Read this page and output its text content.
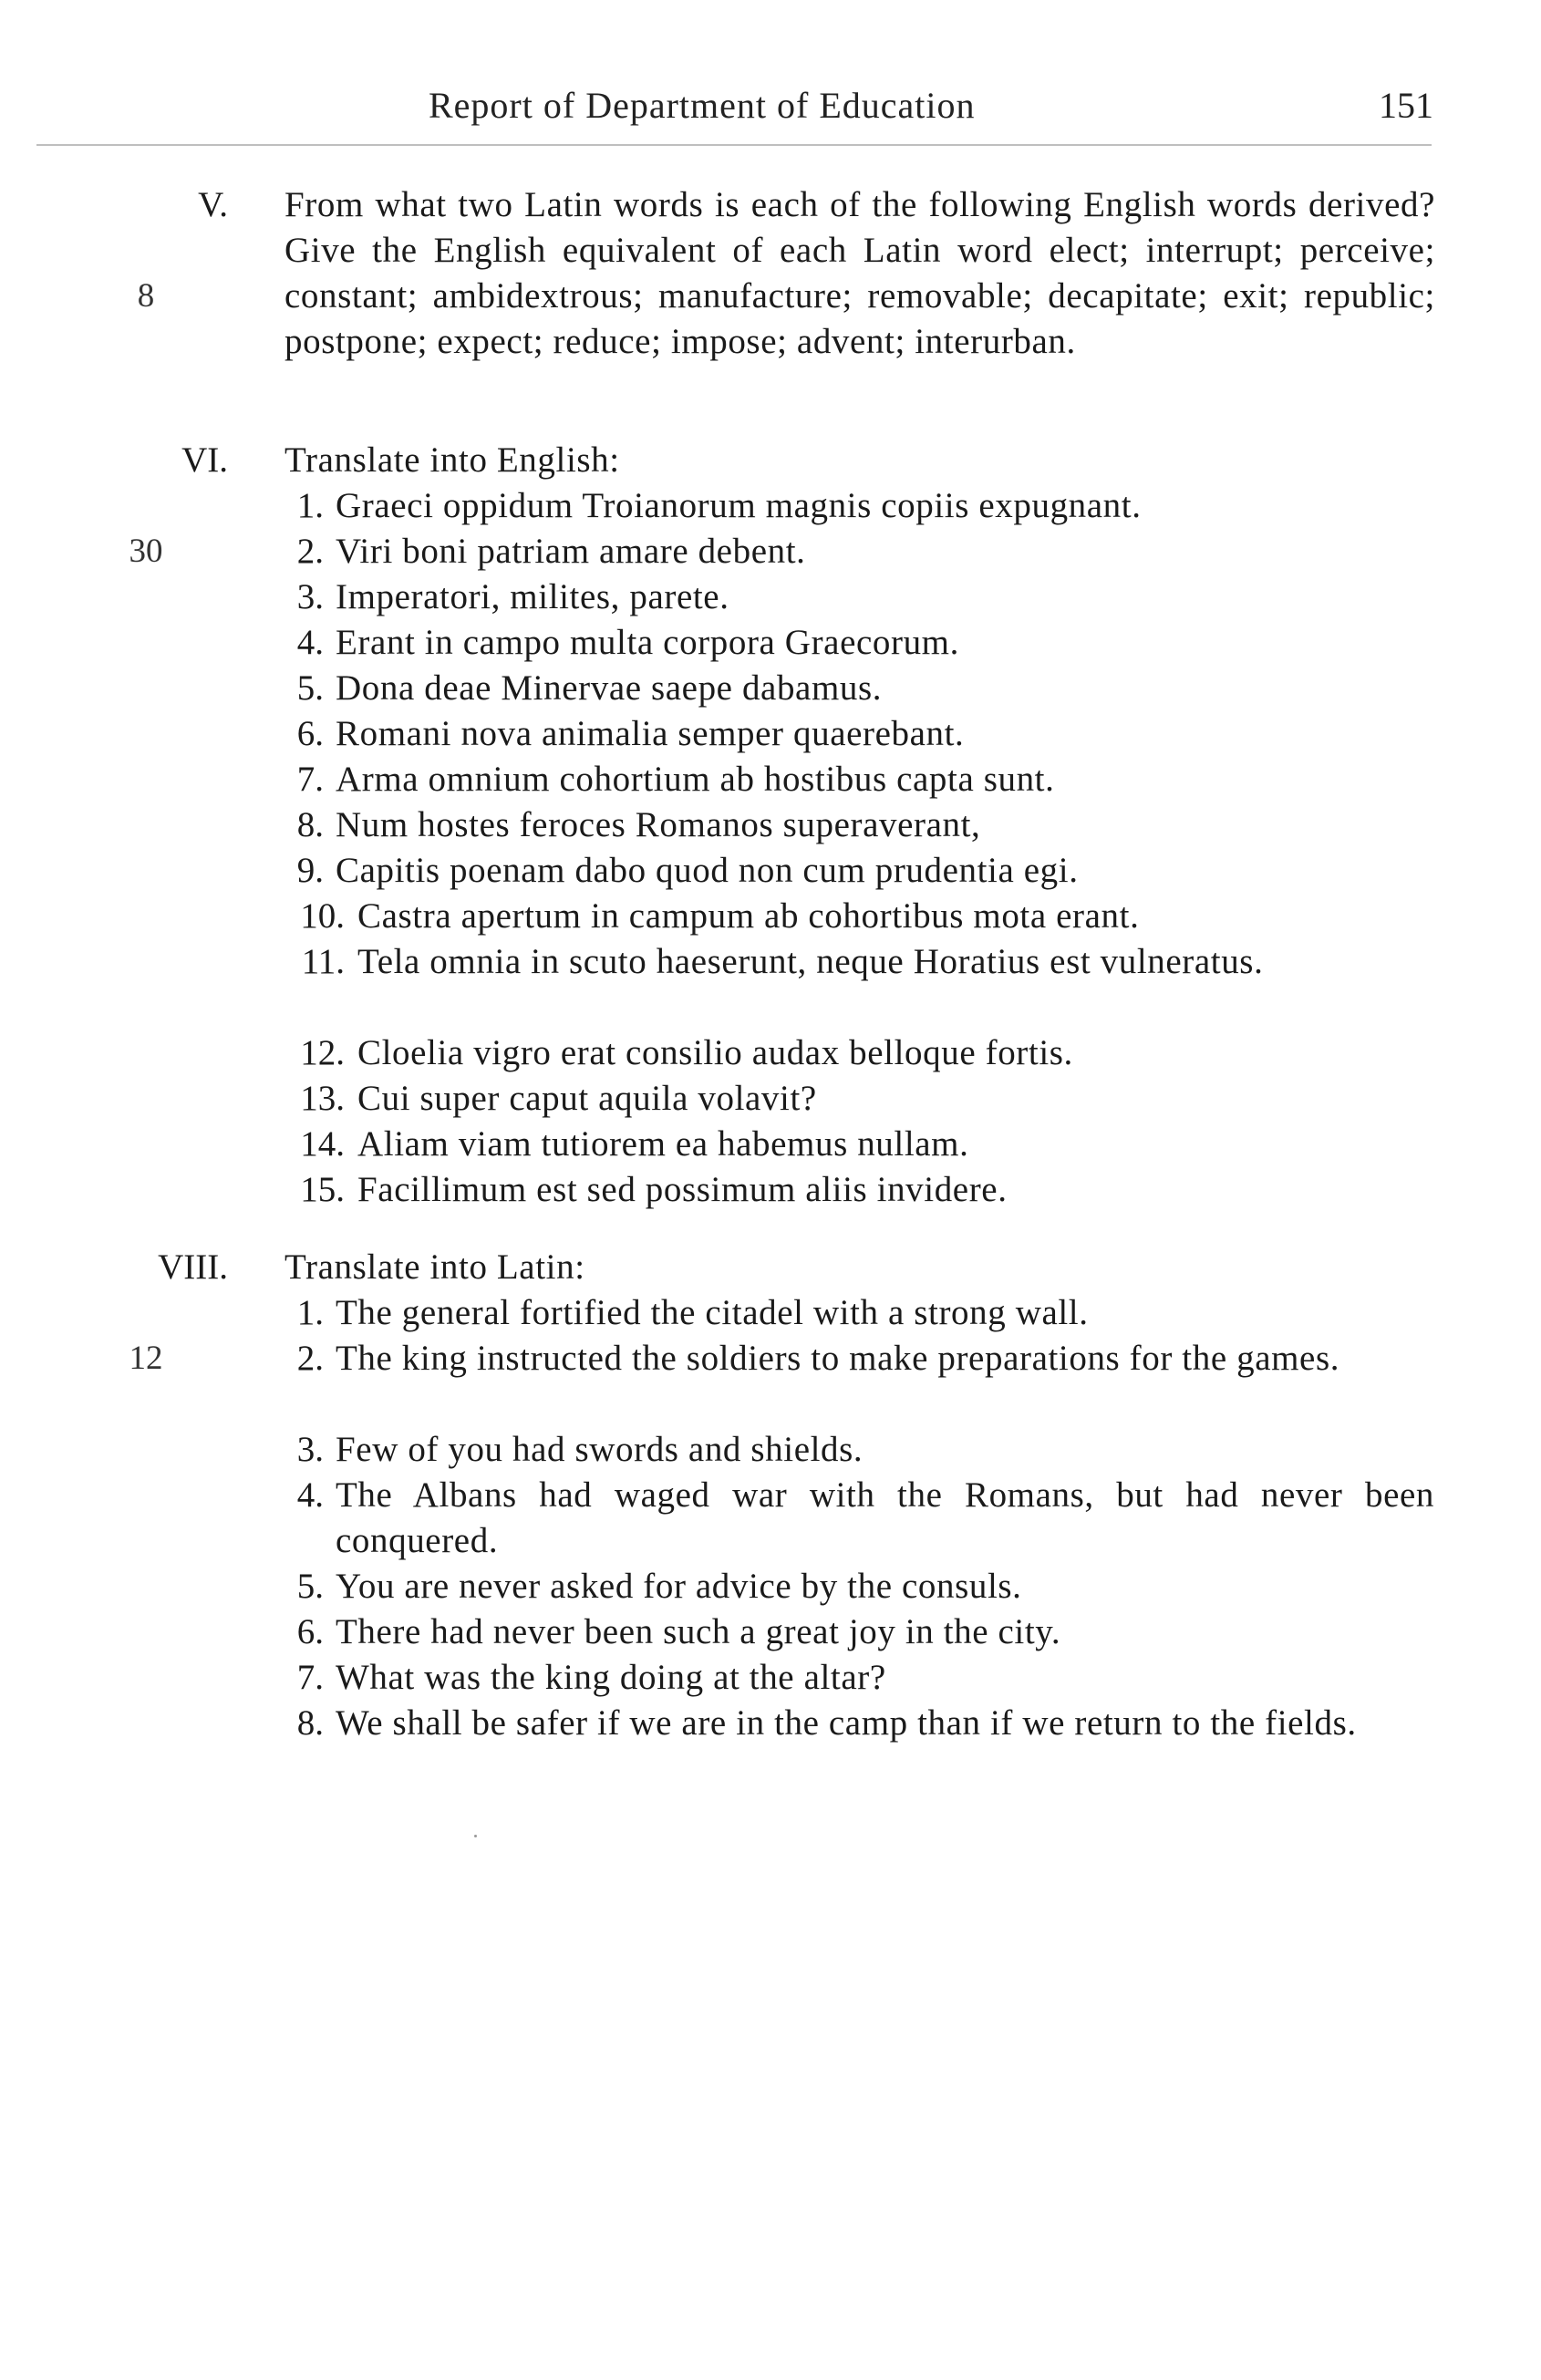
Report of Department of Education	151
V.
8
From what two Latin words is each of the following English words derived? Give the English equivalent of each Latin word elect; interrupt; perceive; constant; ambidextrous; manufacture; removable; decapitate; exit; republic; postpone; expect; reduce; impose; advent; interurban.
VI. Translate into English:
30
1. Graeci oppidum Troianorum magnis copiis expugnant.
2. Viri boni patriam amare debent.
3. Imperatori, milites, parete.
4. Erant in campo multa corpora Graecorum.
5. Dona deae Minervae saepe dabamus.
6. Romani nova animalia semper quaerebant.
7. Arma omnium cohortium ab hostibus capta sunt.
8. Num hostes feroces Romanos superaverant,
9. Capitis poenam dabo quod non cum prudentia egi.
10. Castra apertum in campum ab cohortibus mota erant.
11. Tela omnia in scuto haeserunt, neque Horatius est vulneratus.
12. Cloelia vigro erat consilio audax belloque fortis.
13. Cui super caput aquila volavit?
14. Aliam viam tutiorem ea habemus nullam.
15. Facillimum est sed possimum aliis invidere.
VIII. Translate into Latin:
12
1. The general fortified the citadel with a strong wall.
2. The king instructed the soldiers to make preparations for the games.
3. Few of you had swords and shields.
4. The Albans had waged war with the Romans, but had never been conquered.
5. You are never asked for advice by the consuls.
6. There had never been such a great joy in the city.
7. What was the king doing at the altar?
8. We shall be safer if we are in the camp than if we return to the fields.
